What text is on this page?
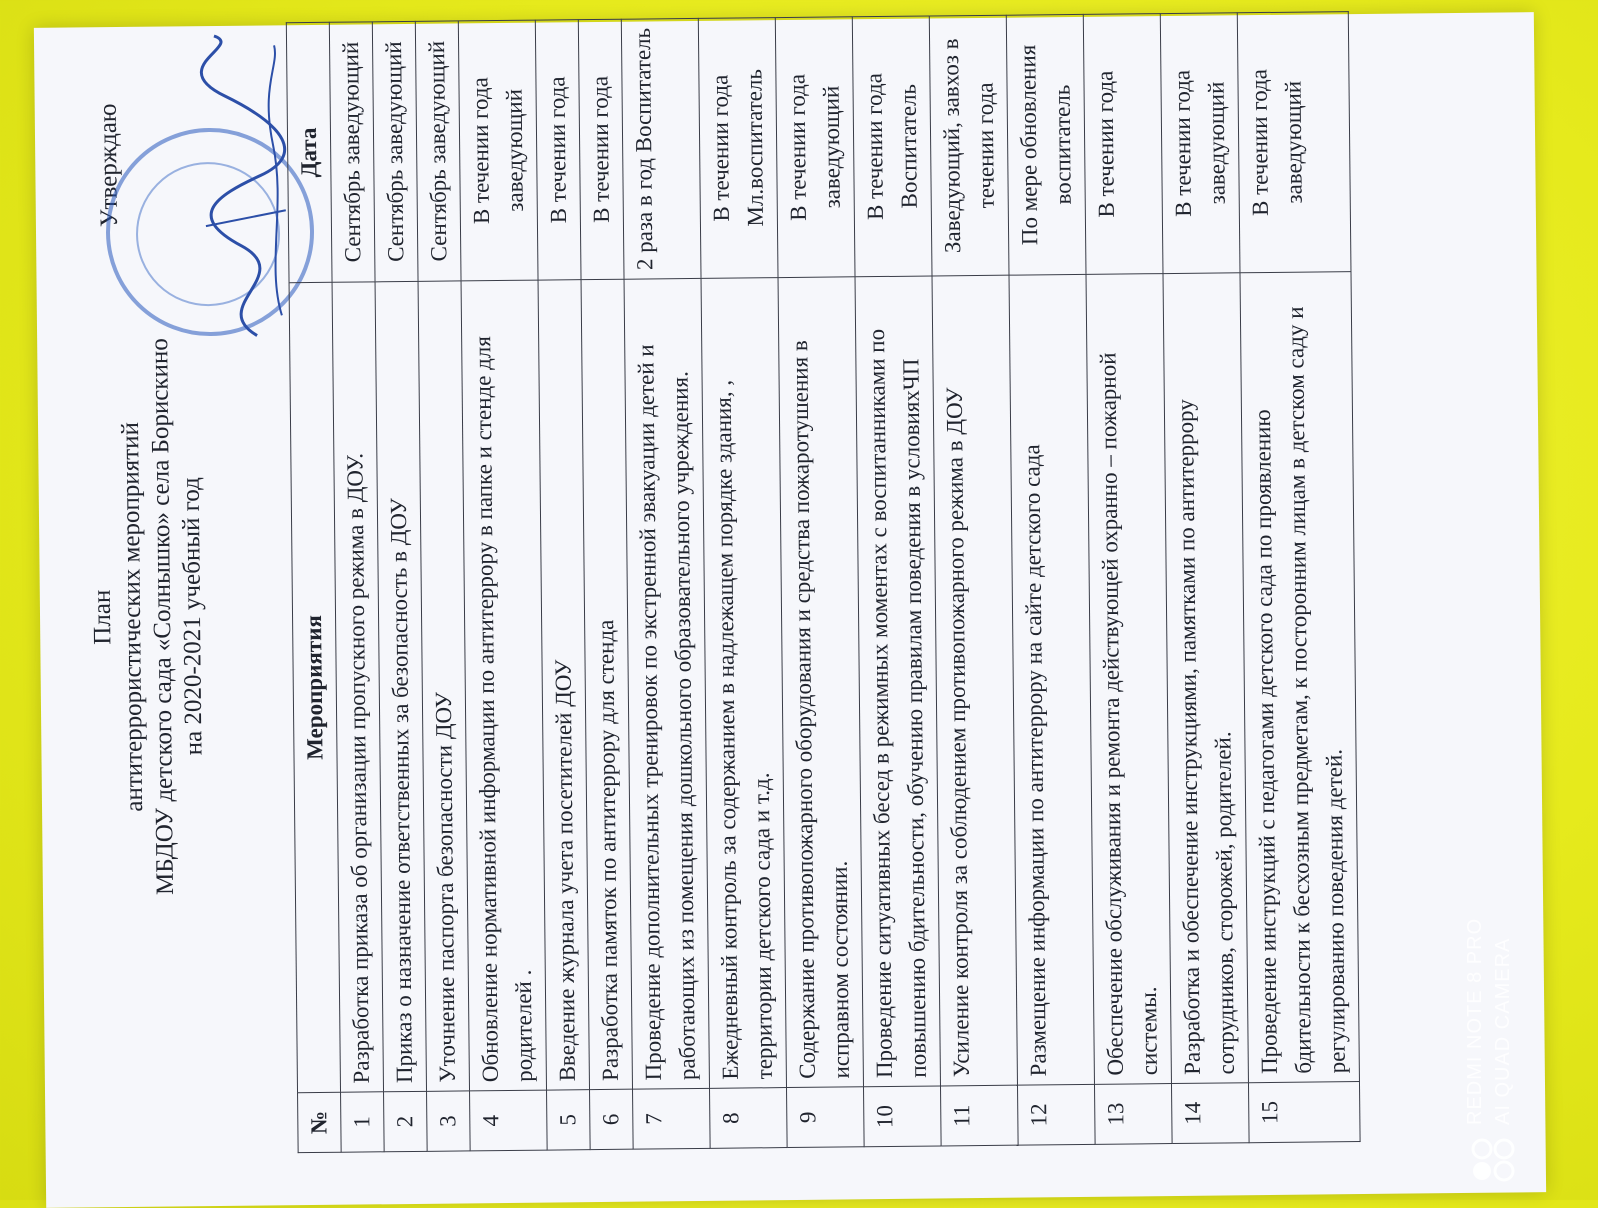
План антитеррористических мероприятий
МБДОУ детского сада «Солнышко» села Борискино
на 2020-2021 учебный год
Утверждаю
№	Мероприятия	Дата
1	Разработка приказа об организации пропускного режима в ДОУ.	Сентябрь заведующий
2	Приказ о назначение ответственных за безопасность в ДОУ	Сентябрь заведующий
3	Уточнение паспорта безопасности ДОУ	Сентябрь заведующий
4	Обновление нормативной информации по антитеррору в папке и стенде для родителей .	В течении года заведующий
5	Введение журнала учета посетителей ДОУ	В течении года
6	Разработка памяток по антитеррору для стенда	В течении года
7	Проведение дополнительных тренировок по экстренной эвакуации детей и работающих из помещения дошкольного образовательного учреждения.	2 раза в год Воспитатель
8	Ежедневный контроль за содержанием в надлежащем порядке здания, , территории детского сада и т.д.	В течении года Мл.воспитатель
9	Содержание противопожарного оборудования и средства пожаротушения в исправном состоянии.	В течении года заведующий
10	Проведение ситуативных бесед в режимных моментах с воспитанниками по повышению бдительности, обучению правилам поведения в условияхЧП	В течении года Воспитатель
11	Усиление контроля за соблюдением противопожарного режима в ДОУ	Заведующий, завхоз в течении года
12	Размещение информации по антитеррору на сайте детского сада	По мере обновления воспитатель
13	Обеспечение обслуживания и ремонта действующей охранно – пожарной системы.	В течении года
14	Разработка и обеспечение инструкциями, памятками по антитеррору сотрудников, сторожей, родителей.	В течении года заведующий
15	Проведение инструкций с педагогами детского сада по проявлению бдительности к бесхозным предметам, к посторонним лицам в детском саду и регулированию поведения детей.	В течении года заведующий
REDMI NOTE 8 PRO AI QUAD CAMERA
